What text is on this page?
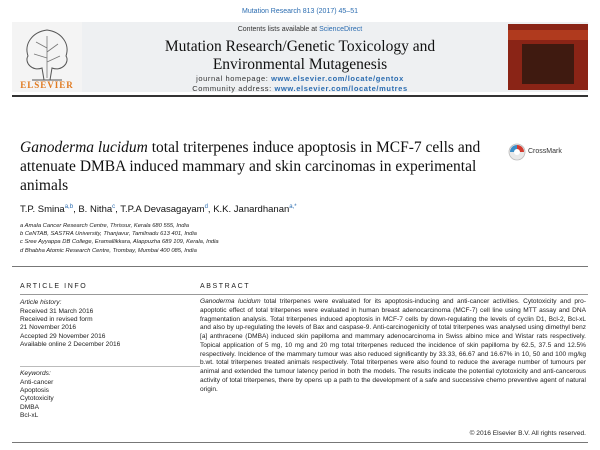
Mutation Research 813 (2017) 45–51
ELSEVIER
Contents lists available at ScienceDirect
Mutation Research/Genetic Toxicology and
Environmental Mutagenesis
journal homepage: www.elsevier.com/locate/gentox
Community address: www.elsevier.com/locate/mutres
Ganoderma lucidum total triterpenes induce apoptosis in MCF-7 cells and attenuate DMBA induced mammary and skin carcinomas in experimental animals
CrossMark
T.P. Smina$^{a,b}$, B. Nitha$^c$, T.P.A Devasagayam$^d$, K.K. Janardhanan$^{a,*}$
a Amala Cancer Research Centre, Thrissur, Kerala 680 555, India
b CeNTAB, SASTRA University, Thanjavur, Tamilnadu 613 401, India
c Sree Ayyappa DB College, Eramallikkara, Alappuzha 689 109, Kerala, India
d Bhabha Atomic Research Centre, Trombay, Mumbai 400 085, India
ARTICLE INFO
Article history:
Received 31 March 2016
Received in revised form
21 November 2016
Accepted 29 November 2016
Available online 2 December 2016
Keywords:
Anti-cancer
Apoptosis
Cytotoxicity
DMBA
Bcl-xL
ABSTRACT
Ganoderma lucidum total triterpenes were evaluated for its apoptosis-inducing and anti-cancer activities. Cytotoxicity and pro-apoptotic effect of total triterpenes were evaluated in human breast adenocarcinoma (MCF-7) cell line using MTT assay and DNA fragmentation analysis. Total triterpenes induced apoptosis in MCF-7 cells by down-regulating the levels of cyclin D1, Bcl-2, Bcl-xL and also by up-regulating the levels of Bax and caspase-9. Anti-carcinogenicity of total triterpenes was analysed using dimethyl benz [a] anthracene (DMBA) induced skin papilloma and mammary adenocarcinoma in Swiss albino mice and Wistar rats respectively. Topical application of 5 mg, 10 mg and 20 mg total triterpenes reduced the incidence of skin papilloma by 62.5, 37.5 and 12.5% respectively. Incidence of the mammary tumour was also reduced significantly by 33.33, 66.67 and 16.67% in 10, 50 and 100 mg/kg b.wt. total triterpenes treated animals respectively. Total triterpenes were also found to reduce the average number of tumours per animal and extended the tumour latency period in both the models. The results indicate the potential cytotoxicity and anti-cancerous activity of total triterpenes, there by opens up a path to the development of a safe and successive chemo preventive agent of natural origin.
© 2016 Elsevier B.V. All rights reserved.
